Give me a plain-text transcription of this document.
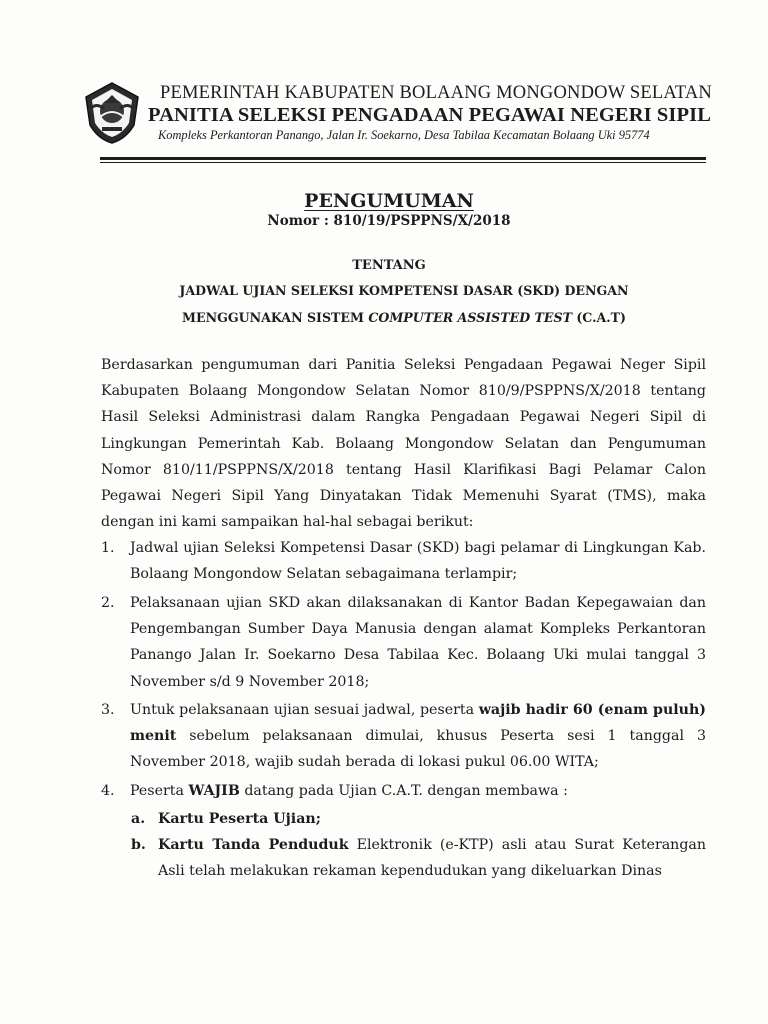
PEMERINTAH KABUPATEN BOLAANG MONGONDOW SELATAN
PANITIA SELEKSI PENGADAAN PEGAWAI NEGERI SIPIL
Kompleks Perkantoran Panango, Jalan Ir. Soekarno, Desa Tabilaa Kecamatan Bolaang Uki 95774
PENGUMUMAN
Nomor : 810/19/PSPPNS/X/2018
TENTANG
JADWAL UJIAN SELEKSI KOMPETENSI DASAR (SKD) DENGAN
MENGGUNAKAN SISTEM COMPUTER ASSISTED TEST (C.A.T)
Berdasarkan pengumuman dari Panitia Seleksi Pengadaan Pegawai Neger Sipil Kabupaten Bolaang Mongondow Selatan Nomor 810/9/PSPPNS/X/2018 tentang Hasil Seleksi Administrasi dalam Rangka Pengadaan Pegawai Negeri Sipil di Lingkungan Pemerintah Kab. Bolaang Mongondow Selatan dan Pengumuman Nomor 810/11/PSPPNS/X/2018 tentang Hasil Klarifikasi Bagi Pelamar Calon Pegawai Negeri Sipil Yang Dinyatakan Tidak Memenuhi Syarat (TMS), maka dengan ini kami sampaikan hal-hal sebagai berikut:
1.	Jadwal ujian Seleksi Kompetensi Dasar (SKD) bagi pelamar di Lingkungan Kab. Bolaang Mongondow Selatan sebagaimana terlampir;
2.	Pelaksanaan ujian SKD akan dilaksanakan di Kantor Badan Kepegawaian dan Pengembangan Sumber Daya Manusia dengan alamat Kompleks Perkantoran Panango Jalan Ir. Soekarno Desa Tabilaa Kec. Bolaang Uki mulai tanggal 3 November s/d 9 November 2018;
3.	Untuk pelaksanaan ujian sesuai jadwal, peserta wajib hadir 60 (enam puluh) menit sebelum pelaksanaan dimulai, khusus Peserta sesi 1 tanggal 3 November 2018, wajib sudah berada di lokasi pukul 06.00 WITA;
4.	Peserta WAJIB datang pada Ujian C.A.T. dengan membawa :
a. Kartu Peserta Ujian;
b. Kartu Tanda Penduduk Elektronik (e-KTP) asli atau Surat Keterangan Asli telah melakukan rekaman kependudukan yang dikeluarkan Dinas
